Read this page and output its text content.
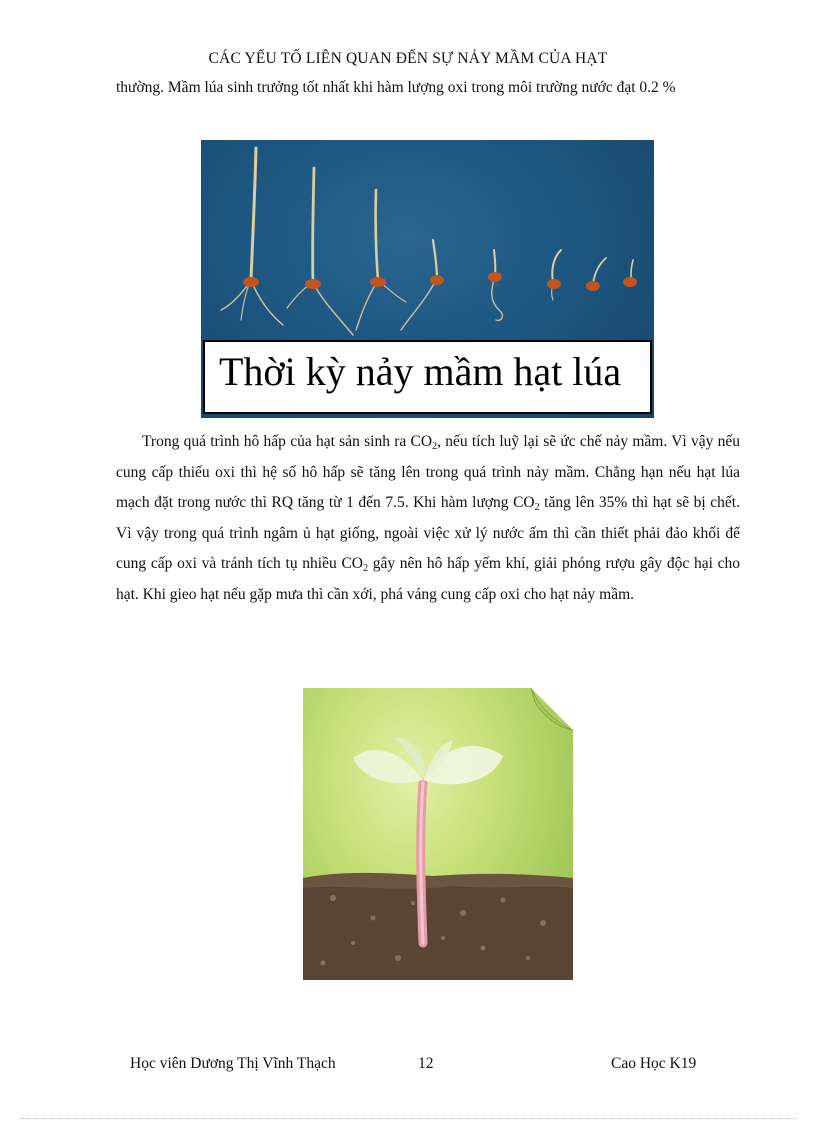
CÁC YẾU TỐ LIÊN QUAN ĐẾN SỰ NẢY MẦM CỦA HẠT

thường. Mầm lúa sinh trưởng tốt nhất khi hàm lượng oxi trong môi trường nước đạt 0.2 %

Thời kỳ nảy mầm hạt lúa

Trong quá trình hô hấp của hạt sản sinh ra $CO_2$, nếu tích luỹ lại sẽ ức chế nảy mầm. Vì vậy nếu cung cấp thiếu oxi thì hệ số hô hấp sẽ tăng lên trong quá trình nảy mầm. Chẳng hạn nếu hạt lúa mạch đặt trong nước thì RQ tăng từ 1 đến 7.5. Khi hàm lượng $CO_2$ tăng lên 35% thì hạt sẽ bị chết. Vì vậy trong quá trình ngâm ủ hạt giống, ngoài việc xử lý nước ấm thì cần thiết phải đảo khối để cung cấp oxi và tránh tích tụ nhiều $CO_2$ gây nên hô hấp yếm khí, giải phóng rượu gây độc hại cho hạt. Khi gieo hạt nếu gặp mưa thì cần xới, phá váng cung cấp oxi cho hạt nảy mầm.

Học viên Dương Thị Vĩnh Thạch	12	Cao Học K19
